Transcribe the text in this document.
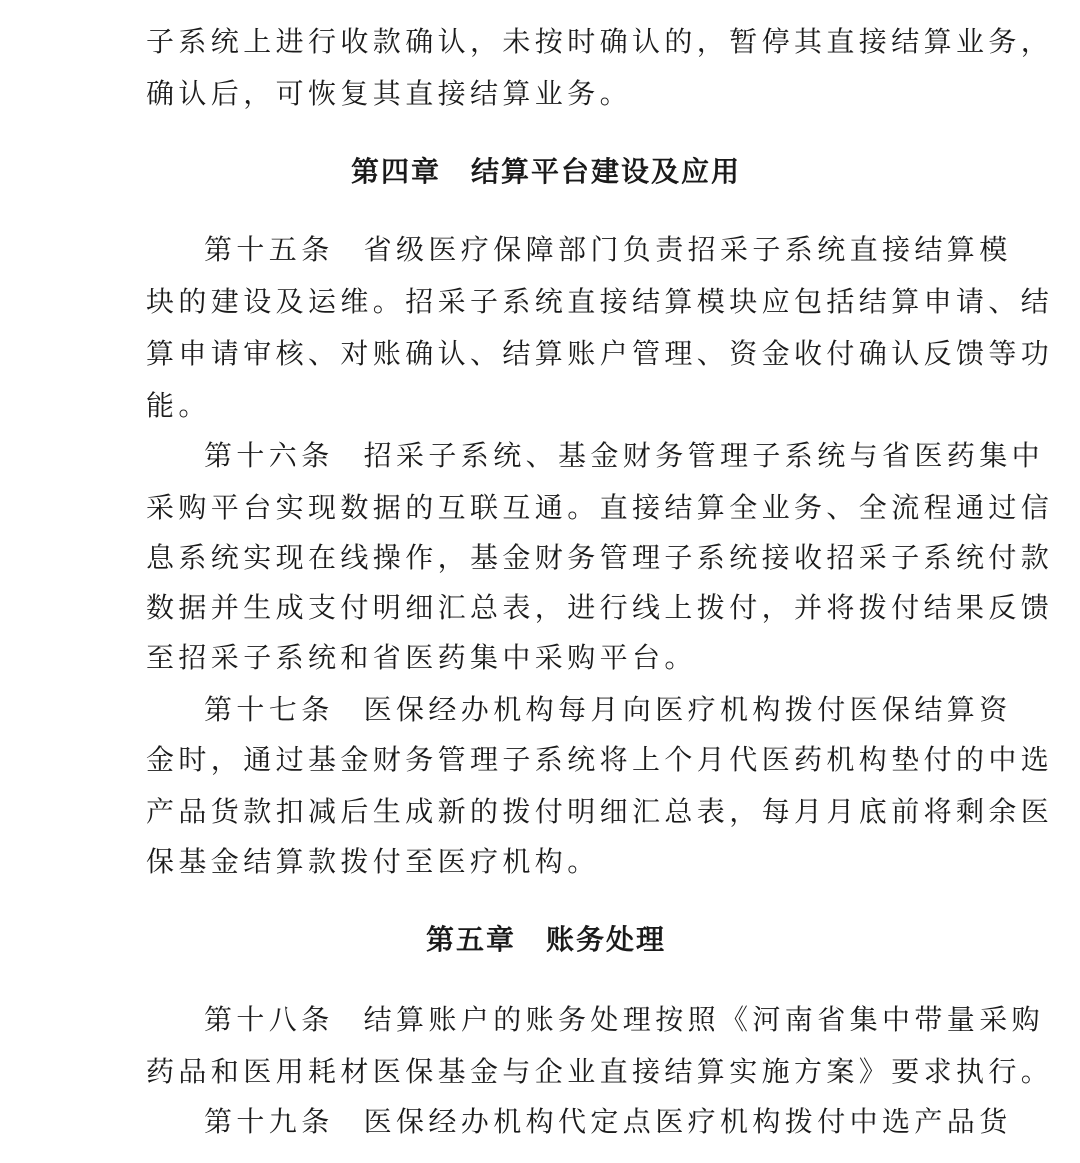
子系统上进行收款确认，未按时确认的，暂停其直接结算业务，
确认后，可恢复其直接结算业务。
第四章 结算平台建设及应用
第十五条 省级医疗保障部门负责招采子系统直接结算模
块的建设及运维。招采子系统直接结算模块应包括结算申请、结
算申请审核、对账确认、结算账户管理、资金收付确认反馈等功
能。
第十六条 招采子系统、基金财务管理子系统与省医药集中
采购平台实现数据的互联互通。直接结算全业务、全流程通过信
息系统实现在线操作，基金财务管理子系统接收招采子系统付款
数据并生成支付明细汇总表，进行线上拨付，并将拨付结果反馈
至招采子系统和省医药集中采购平台。
第十七条 医保经办机构每月向医疗机构拨付医保结算资
金时，通过基金财务管理子系统将上个月代医药机构垫付的中选
产品货款扣减后生成新的拨付明细汇总表，每月月底前将剩余医
保基金结算款拨付至医疗机构。
第五章 账务处理
第十八条 结算账户的账务处理按照《河南省集中带量采购
药品和医用耗材医保基金与企业直接结算实施方案》要求执行。
第十九条 医保经办机构代定点医疗机构拨付中选产品货
